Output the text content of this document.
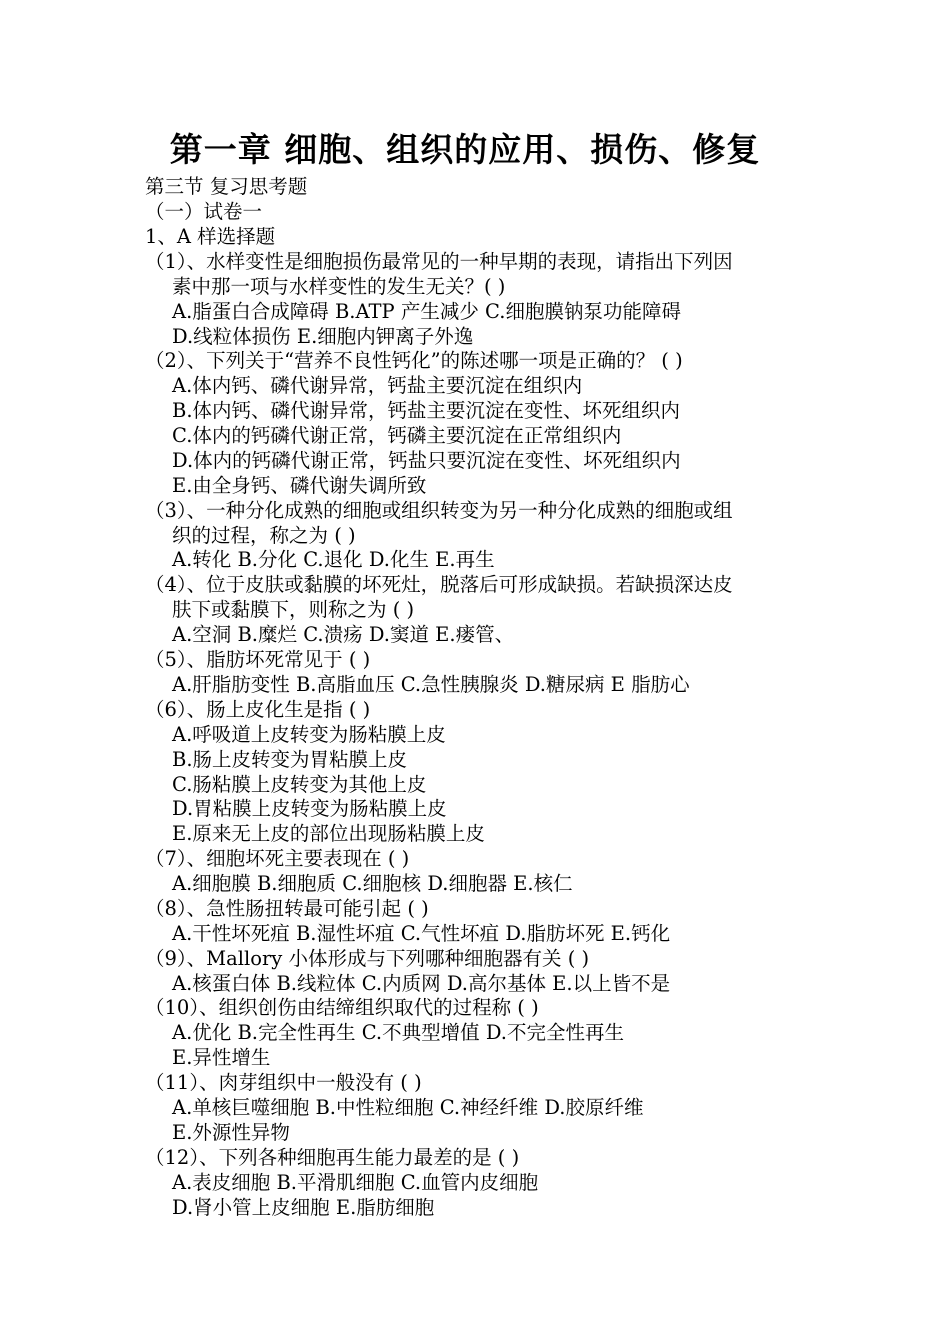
第一章 细胞、组织的应用、损伤、修复
第三节 复习思考题
（一）试卷一
1、A 样选择题
（1）、水样变性是细胞损伤最常见的一种早期的表现，请指出下列因
素中那一项与水样变性的发生无关？( )
A.脂蛋白合成障碍 B.ATP 产生减少 C.细胞膜钠泵功能障碍
D.线粒体损伤 E.细胞内钾离子外逸
（2）、下列关于“营养不良性钙化”的陈述哪一项是正确的？ ( )
A.体内钙、磷代谢异常，钙盐主要沉淀在组织内
B.体内钙、磷代谢异常，钙盐主要沉淀在变性、坏死组织内
C.体内的钙磷代谢正常，钙磷主要沉淀在正常组织内
D.体内的钙磷代谢正常，钙盐只要沉淀在变性、坏死组织内
E.由全身钙、磷代谢失调所致
（3）、一种分化成熟的细胞或组织转变为另一种分化成熟的细胞或组
织的过程，称之为 ( )
A.转化 B.分化 C.退化 D.化生 E.再生
（4）、位于皮肤或黏膜的坏死灶，脱落后可形成缺损。若缺损深达皮
肤下或黏膜下，则称之为 ( )
A.空洞 B.糜烂 C.溃疡 D.窦道 E.瘘管、
（5）、脂肪坏死常见于 ( )
A.肝脂肪变性 B.高脂血压 C.急性胰腺炎 D.糖尿病 E 脂肪心
（6）、肠上皮化生是指 ( )
A.呼吸道上皮转变为肠粘膜上皮
B.肠上皮转变为胃粘膜上皮
C.肠粘膜上皮转变为其他上皮
D.胃粘膜上皮转变为肠粘膜上皮
E.原来无上皮的部位出现肠粘膜上皮
（7）、细胞坏死主要表现在 ( )
A.细胞膜 B.细胞质 C.细胞核 D.细胞器 E.核仁
（8）、急性肠扭转最可能引起 ( )
A.干性坏死疽 B.湿性坏疽 C.气性坏疽 D.脂肪坏死 E.钙化
（9）、Mallory 小体形成与下列哪种细胞器有关 ( )
A.核蛋白体 B.线粒体 C.内质网 D.高尔基体 E.以上皆不是
（10）、组织创伤由结缔组织取代的过程称 ( )
A.优化 B.完全性再生 C.不典型增值 D.不完全性再生
E.异性增生
（11）、肉芽组织中一般没有 ( )
A.单核巨噬细胞 B.中性粒细胞 C.神经纤维 D.胶原纤维
E.外源性异物
（12）、下列各种细胞再生能力最差的是 ( )
A.表皮细胞 B.平滑肌细胞 C.血管内皮细胞
D.肾小管上皮细胞 E.脂肪细胞
